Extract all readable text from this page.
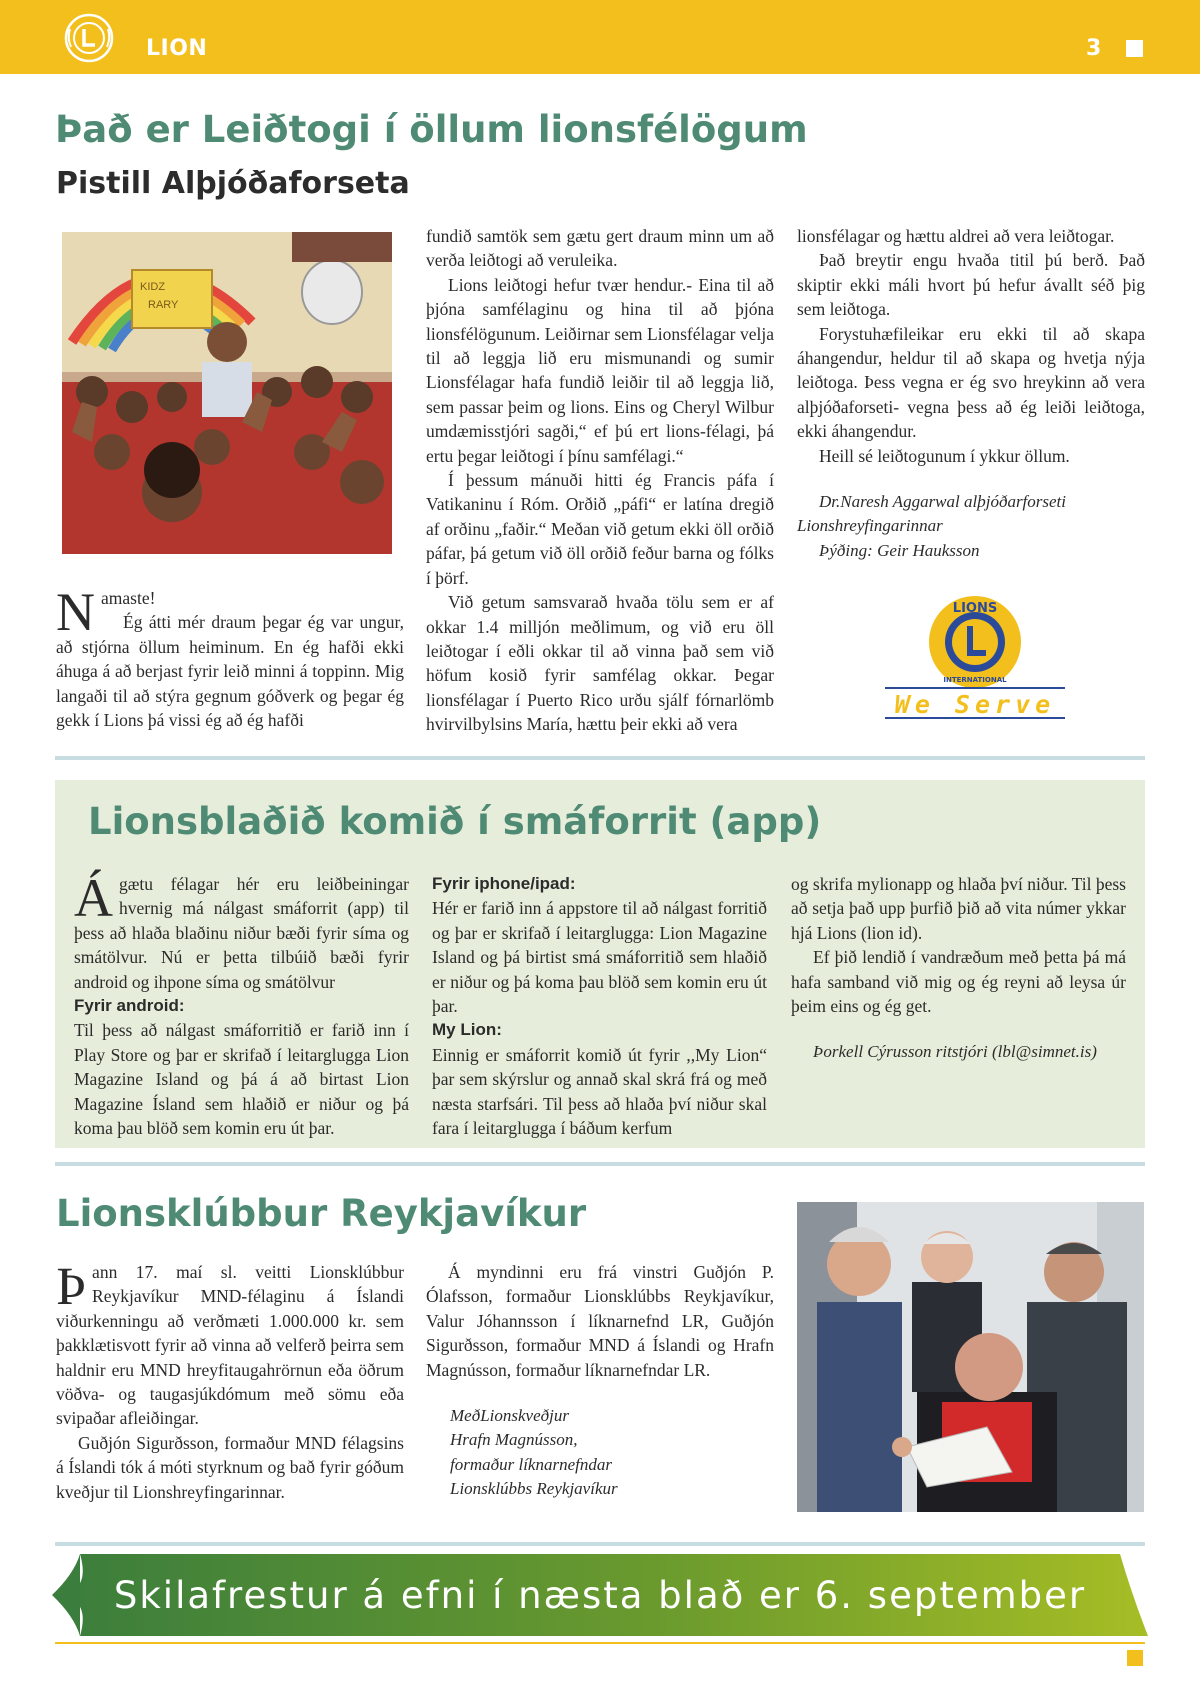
LION	3
Það er Leiðtogi í öllum lionsfélögum
Pistill Alþjóðaforseta
KIDZ
RARY
N amaste!

Ég átti mér draum þegar ég var ungur, að stjórna öllum heiminum. En ég hafði ekki áhuga á að berjast fyrir leið minni á toppinn. Mig langaði til að stýra gegnum góðverk og þegar ég gekk í Lions þá vissi ég að ég hafði

fundið samtök sem gætu gert draum minn um að verða leiðtogi að veruleika.

Lions leiðtogi hefur tvær hendur.- Eina til að þjóna samfélaginu og hina til að þjóna lionsfélögunum. Leiðirnar sem Lionsfélagar velja til að leggja lið eru mismunandi og sumir Lionsfélagar hafa fundið leiðir til að leggja lið, sem passar þeim og lions. Eins og Cheryl Wilbur umdæmisstjóri sagði,“ ef þú ert lions-félagi, þá ertu þegar leiðtogi í þínu samfélagi.“

Í þessum mánuði hitti ég Francis páfa í Vatikaninu í Róm. Orðið „páfi“ er latína dregið af orðinu „faðir.“ Meðan við getum ekki öll orðið páfar, þá getum við öll orðið feður barna og fólks í þörf.

Við getum samsvarað hvaða tölu sem er af okkar 1.4 milljón meðlimum, og við eru öll leiðtogar í eðli okkar til að vinna það sem við höfum kosið fyrir samfélag okkar. Þegar lionsfélagar í Puerto Rico urðu sjálf fórnarlömb hvirvilbylsins María, hættu þeir ekki að vera

lionsfélagar og hættu aldrei að vera leiðtogar.

Það breytir engu hvaða titil þú berð. Það skiptir ekki máli hvort þú hefur ávallt séð þig sem leiðtoga.

Forystuhæfileikar eru ekki til að skapa áhangendur, heldur til að skapa og hvetja nýja leiðtoga. Þess vegna er ég svo hreykinn að vera alþjóðaforseti- vegna þess að ég leiði leiðtoga, ekki áhangendur.

Heill sé leiðtogunum í ykkur öllum.

Dr.Naresh Aggarwal alþjóðarforseti Lionshreyfingarinnar

Þýðing: Geir Hauksson

LIONS
INTERNATIONAL
We Serve
Lionsblaðið komið í smáforrit (app)
Á gætu félagar hér eru leiðbeiningar hvernig má nálgast smáforrit (app) til þess að hlaða blaðinu niður bæði fyrir síma og smátölvur. Nú er þetta tilbúið bæði fyrir android og ihpone síma og smátölvur

Fyrir android:

Til þess að nálgast smáforritið er farið inn í Play Store og þar er skrifað í leitarglugga Lion Magazine Island og þá á að birtast Lion Magazine Ísland sem hlaðið er niður og þá koma þau blöð sem komin eru út þar.

Fyrir iphone/ipad:

Hér er farið inn á appstore til að nálgast forritið og þar er skrifað í leitarglugga: Lion Magazine Island og þá birtist smá smáforritið sem hlaðið er niður og þá koma þau blöð sem komin eru út þar.

My Lion:

Einnig er smáforrit komið út fyrir ,,My Lion“ þar sem skýrslur og annað skal skrá frá og með næsta starfsári. Til þess að hlaða því niður skal fara í leitarglugga í báðum kerfum

og skrifa mylionapp og hlaða því niður. Til þess að setja það upp þurfið þið að vita númer ykkar hjá Lions (lion id).

Ef þið lendið í vandræðum með þetta þá má hafa samband við mig og ég reyni að leysa úr þeim eins og ég get.

Þorkell Cýrusson ritstjóri (lbl@simnet.is)

Lionsklúbbur Reykjavíkur
Þ ann 17. maí sl. veitti Lionsklúbbur Reykjavíkur MND-félaginu á Íslandi viðurkenningu að verðmæti 1.000.000 kr. sem þakklætisvott fyrir að vinna að velferð þeirra sem haldnir eru MND hreyfitaugahrörnun eða öðrum vöðva- og taugasjúkdómum með sömu eða svipaðar afleiðingar.

Guðjón Sigurðsson, formaður MND félagsins á Íslandi tók á móti styrknum og bað fyrir góðum kveðjur til Lionshreyfingarinnar.

Á myndinni eru frá vinstri Guðjón P. Ólafsson, formaður Lionsklúbbs Reykjavíkur, Valur Jóhannsson í líknarnefnd LR, Guðjón Sigurðsson, formaður MND á Íslandi og Hrafn Magnússon, formaður líknarnefndar LR.

MeðLionskveðjur

Hrafn Magnússon,

formaður líknarnefndar

Lionsklúbbs Reykjavíkur

Skilafrestur á efni í næsta blað er 6. september
